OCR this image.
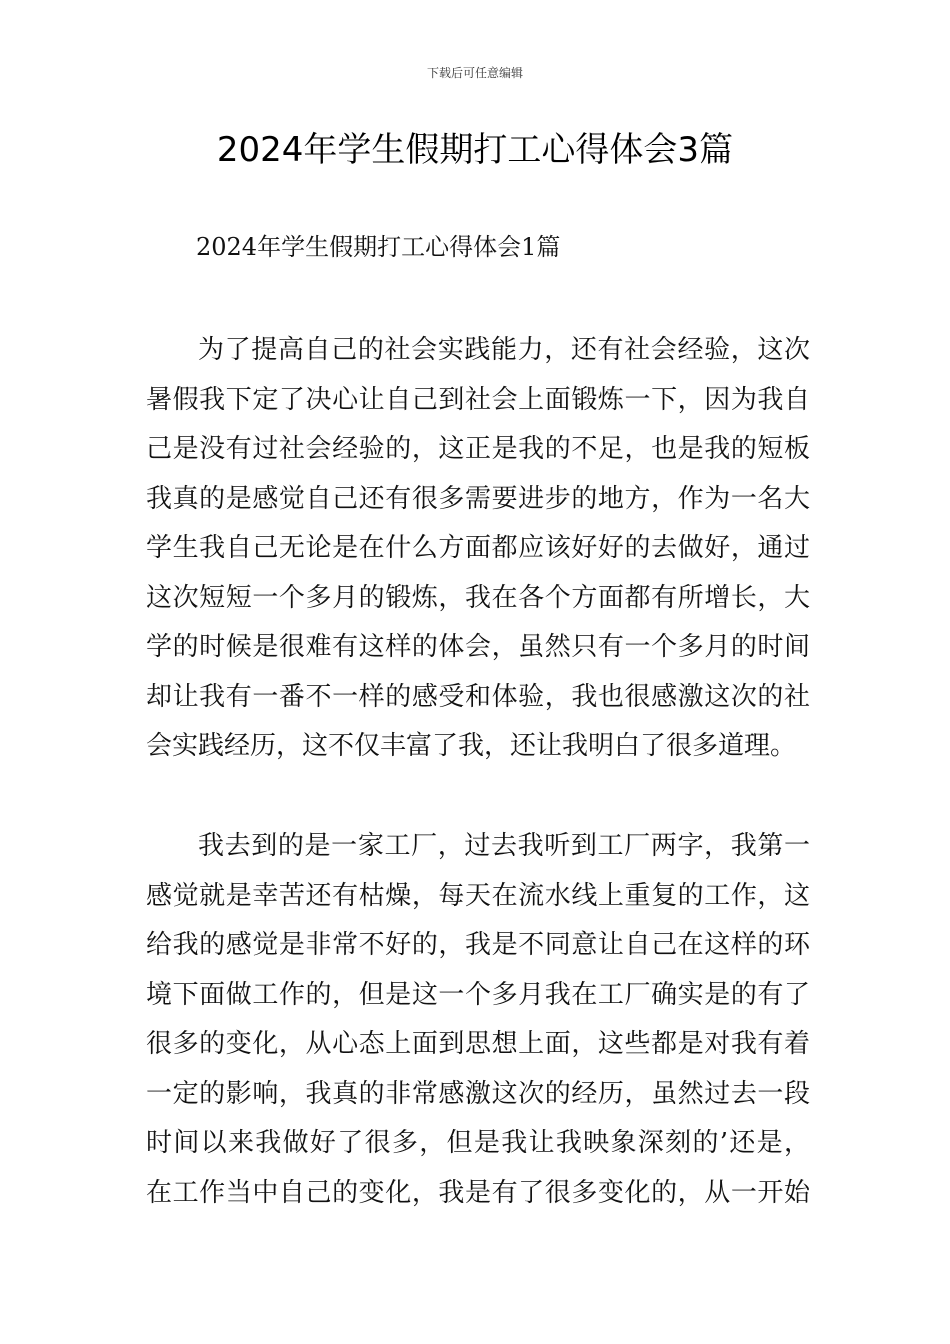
下载后可任意编辑
2024年学生假期打工心得体会3篇
2024年学生假期打工心得体会1篇
为了提高自己的社会实践能力，还有社会经验，这次
暑假我下定了决心让自己到社会上面锻炼一下，因为我自
己是没有过社会经验的，这正是我的不足，也是我的短板
我真的是感觉自己还有很多需要进步的地方，作为一名大
学生我自己无论是在什么方面都应该好好的去做好，通过
这次短短一个多月的锻炼，我在各个方面都有所增长，大
学的时候是很难有这样的体会，虽然只有一个多月的时间
却让我有一番不一样的感受和体验，我也很感激这次的社
会实践经历，这不仅丰富了我，还让我明白了很多道理。
我去到的是一家工厂，过去我听到工厂两字，我第一
感觉就是幸苦还有枯燥，每天在流水线上重复的工作，这
给我的感觉是非常不好的，我是不同意让自己在这样的环
境下面做工作的，但是这一个多月我在工厂确实是的有了
很多的变化，从心态上面到思想上面，这些都是对我有着
一定的影响，我真的非常感激这次的经历，虽然过去一段
时间以来我做好了很多，但是我让我映象深刻的’还是，
在工作当中自己的变化，我是有了很多变化的，从一开始
